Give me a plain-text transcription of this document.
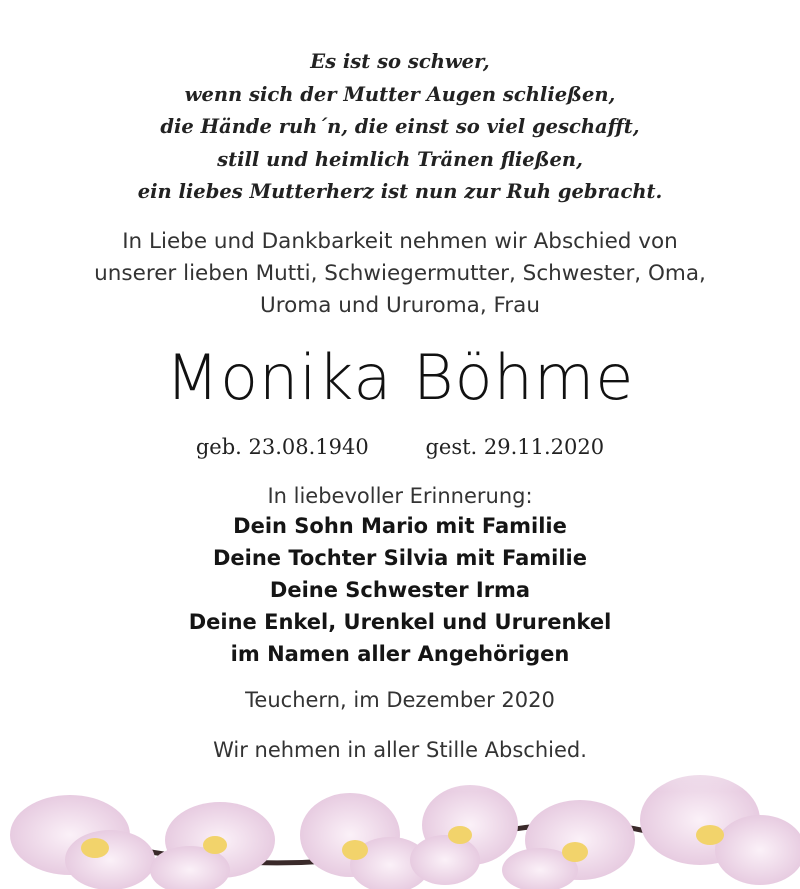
Es ist so schwer,
wenn sich der Mutter Augen schließen,
die Hände ruh´n, die einst so viel geschafft,
still und heimlich Tränen fließen,
ein liebes Mutterherz ist nun zur Ruh gebracht.
In Liebe und Dankbarkeit nehmen wir Abschied von
unserer lieben Mutti, Schwiegermutter, Schwester, Oma,
Uroma und Ururoma, Frau
Monika Böhme
geb. 23.08.1940	gest. 29.11.2020
In liebevoller Erinnerung:
Dein Sohn Mario mit Familie
Deine Tochter Silvia mit Familie
Deine Schwester Irma
Deine Enkel, Urenkel und Ururenkel
im Namen aller Angehörigen
Teuchern, im Dezember 2020
Wir nehmen in aller Stille Abschied.
